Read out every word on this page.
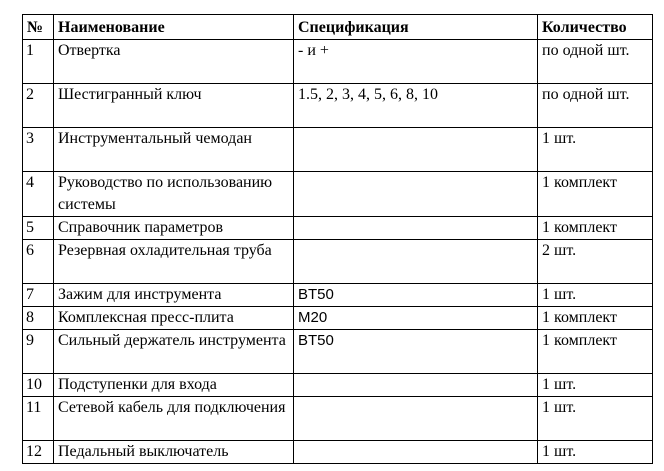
№	Наименование	Спецификация	Количество
1	Отвертка	- и +	по одной шт.
2	Шестигранный ключ	1.5, 2, 3, 4, 5, 6, 8, 10	по одной шт.
3	Инструментальный чемодан		1 шт.
4	Руководство по использованию системы		1 комплект
5	Справочник параметров		1 комплект
6	Резервная охладительная труба		2 шт.
7	Зажим для инструмента	BT50	1 шт.
8	Комплексная пресс-плита	M20	1 комплект
9	Сильный держатель инструмента	BT50	1 комплект
10	Подступенки для входа		1 шт.
11	Сетевой кабель для подключения		1 шт.
12	Педальный выключатель		1 шт.
